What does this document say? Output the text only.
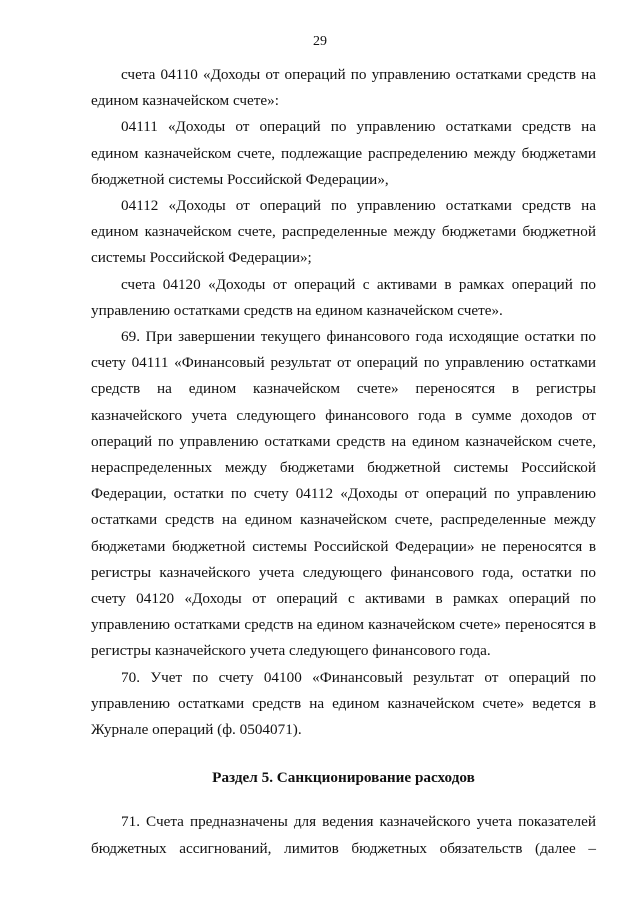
29

счета 04110 «Доходы от операций по управлению остатками средств на едином казначейском счете»:

04111 «Доходы от операций по управлению остатками средств на едином казначейском счете, подлежащие распределению между бюджетами бюджетной системы Российской Федерации»,

04112 «Доходы от операций по управлению остатками средств на едином казначейском счете, распределенные между бюджетами бюджетной системы Российской Федерации»;

счета 04120 «Доходы от операций с активами в рамках операций по управлению остатками средств на едином казначейском счете».

69. При завершении текущего финансового года исходящие остатки по счету 04111 «Финансовый результат от операций по управлению остатками средств на едином казначейском счете» переносятся в регистры казначейского учета следующего финансового года в сумме доходов от операций по управлению остатками средств на едином казначейском счете, нераспределенных между бюджетами бюджетной системы Российской Федерации, остатки по счету 04112 «Доходы от операций по управлению остатками средств на едином казначейском счете, распределенные между бюджетами бюджетной системы Российской Федерации» не переносятся в регистры казначейского учета следующего финансового года, остатки по счету 04120 «Доходы от операций с активами в рамках операций по управлению остатками средств на едином казначейском счете» переносятся в регистры казначейского учета следующего финансового года.

70. Учет по счету 04100 «Финансовый результат от операций по управлению остатками средств на едином казначейском счете» ведется в Журнале операций (ф. 0504071).

Раздел 5. Санкционирование расходов

71. Счета предназначены для ведения казначейского учета показателей бюджетных ассигнований, лимитов бюджетных обязательств (далее –
